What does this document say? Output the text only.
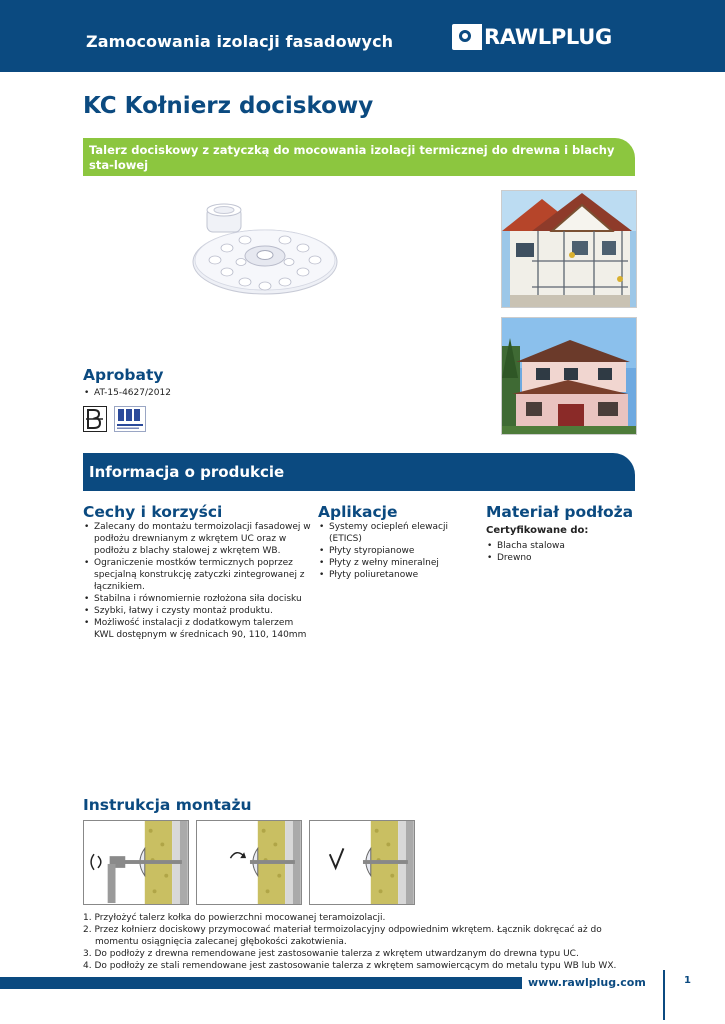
Zamocowania izolacji fasadowych	RAWLPLUG
KC Kołnierz dociskowy
Talerz dociskowy z zatyczką do mocowania izolacji termicznej do drewna i blachy sta-lowej
Aprobaty
• AT-15-4627/2012
Informacja o produkcie
Cechy i korzyści
• Zalecany do montażu termoizolacji fasadowej w podłożu drewnianym z wkrętem UC oraz w podłożu z blachy stalowej z wkrętem WB.
• Ograniczenie mostków termicznych poprzez specjalną konstrukcję zatyczki zintegrowanej z łącznikiem.
• Stabilna i równomiernie rozłożona siła docisku
• Szybki, łatwy i czysty montaż produktu.
• Możliwość instalacji z dodatkowym talerzem KWL dostępnym w średnicach 90, 110, 140mm
Aplikacje
• Systemy ociepleń elewacji (ETICS)
• Płyty styropianowe
• Płyty z wełny mineralnej
• Płyty poliuretanowe
Materiał podłoża
Certyfikowane do:
• Blacha stalowa
• Drewno
Instrukcja montażu
1. Przyłożyć talerz kołka do powierzchni mocowanej teramoizolacji.
2. Przez kołnierz dociskowy przymocować materiał termoizolacyjny odpowiednim wkrętem. Łącznik dokręcać aż do momentu osiągnięcia zalecanej głębokości zakotwienia.
3. Do podłoży z drewna remendowane jest zastosowanie talerza z wkrętem utwardzanym do drewna typu UC.
4. Do podłoży ze stali remendowane jest zastosowanie talerza z wkrętem samowiercącym do metalu typu WB lub WX.
www.rawlplug.com	1
